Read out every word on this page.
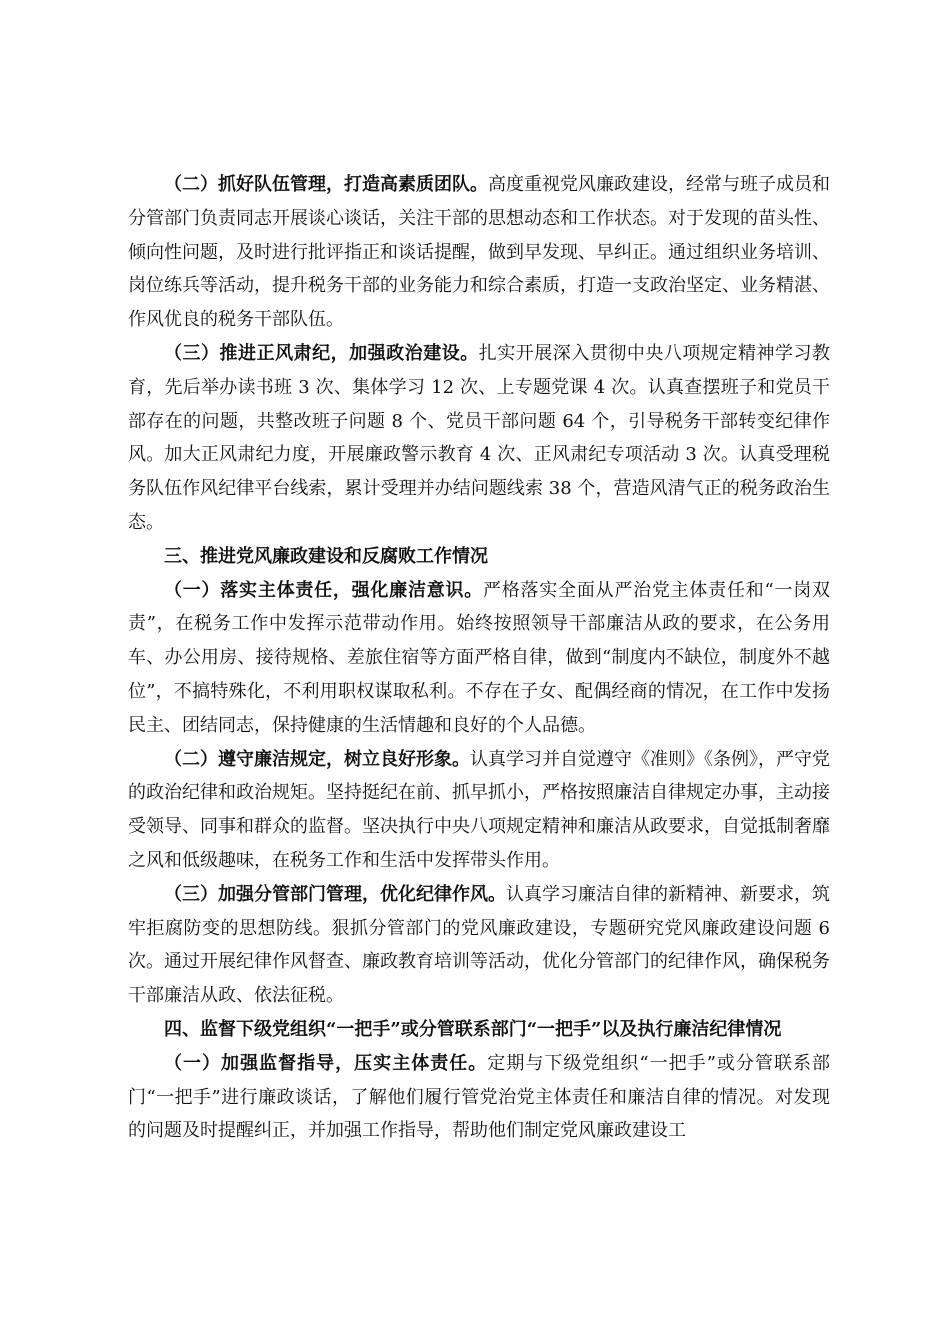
（二）抓好队伍管理，打造高素质团队。高度重视党风廉政建设，经常与班子成员和分管部门负责同志开展谈心谈话，关注干部的思想动态和工作状态。对于发现的苗头性、倾向性问题，及时进行批评指正和谈话提醒，做到早发现、早纠正。通过组织业务培训、岗位练兵等活动，提升税务干部的业务能力和综合素质，打造一支政治坚定、业务精湛、作风优良的税务干部队伍。

（三）推进正风肃纪，加强政治建设。扎实开展深入贯彻中央八项规定精神学习教育，先后举办读书班 3 次、集体学习 12 次、上专题党课 4 次。认真查摆班子和党员干部存在的问题，共整改班子问题 8 个、党员干部问题 64 个，引导税务干部转变纪律作风。加大正风肃纪力度，开展廉政警示教育 4 次、正风肃纪专项活动 3 次。认真受理税务队伍作风纪律平台线索，累计受理并办结问题线索 38 个，营造风清气正的税务政治生态。

三、推进党风廉政建设和反腐败工作情况

（一）落实主体责任，强化廉洁意识。严格落实全面从严治党主体责任和“一岗双责”，在税务工作中发挥示范带动作用。始终按照领导干部廉洁从政的要求，在公务用车、办公用房、接待规格、差旅住宿等方面严格自律，做到“制度内不缺位，制度外不越位”，不搞特殊化，不利用职权谋取私利。不存在子女、配偶经商的情况，在工作中发扬民主、团结同志，保持健康的生活情趣和良好的个人品德。

（二）遵守廉洁规定，树立良好形象。认真学习并自觉遵守《准则》《条例》，严守党的政治纪律和政治规矩。坚持挺纪在前、抓早抓小，严格按照廉洁自律规定办事，主动接受领导、同事和群众的监督。坚决执行中央八项规定精神和廉洁从政要求，自觉抵制奢靡之风和低级趣味，在税务工作和生活中发挥带头作用。

（三）加强分管部门管理，优化纪律作风。认真学习廉洁自律的新精神、新要求，筑牢拒腐防变的思想防线。狠抓分管部门的党风廉政建设，专题研究党风廉政建设问题 6 次。通过开展纪律作风督查、廉政教育培训等活动，优化分管部门的纪律作风，确保税务干部廉洁从政、依法征税。

四、监督下级党组织“一把手”或分管联系部门“一把手”以及执行廉洁纪律情况

（一）加强监督指导，压实主体责任。定期与下级党组织“一把手”或分管联系部门“一把手”进行廉政谈话，了解他们履行管党治党主体责任和廉洁自律的情况。对发现的问题及时提醒纠正，并加强工作指导，帮助他们制定党风廉政建设工
